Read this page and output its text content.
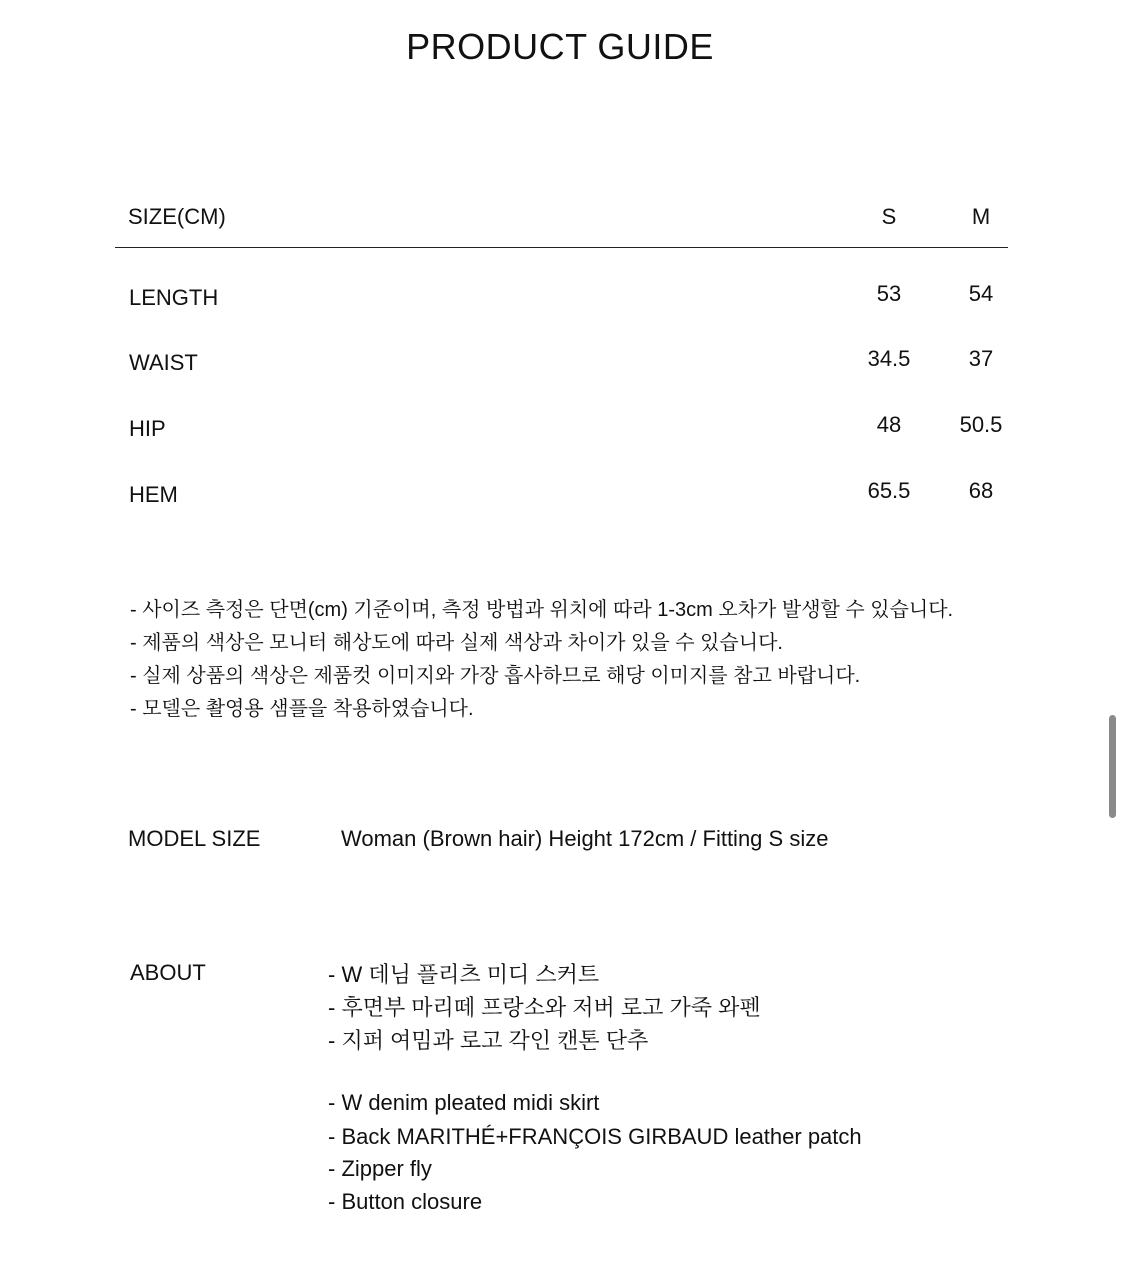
PRODUCT GUIDE
SIZE(CM)	S	M
LENGTH	53	54
WAIST	34.5	37
HIP	48	50.5
HEM	65.5	68
- 사이즈 측정은 단면(cm) 기준이며, 측정 방법과 위치에 따라 1-3cm 오차가 발생할 수 있습니다.
- 제품의 색상은 모니터 해상도에 따라 실제 색상과 차이가 있을 수 있습니다.
- 실제 상품의 색상은 제품컷 이미지와 가장 흡사하므로 해당 이미지를 참고 바랍니다.
- 모델은 촬영용 샘플을 착용하였습니다.
MODEL SIZE	Woman (Brown hair) Height 172cm / Fitting S size
ABOUT	- W 데님 플리츠 미디 스커트
- 후면부 마리떼 프랑소와 저버 로고 가죽 와펜
- 지퍼 여밈과 로고 각인 캔톤 단추
- W denim pleated midi skirt
- Back MARITHÉ+FRANÇOIS GIRBAUD leather patch
- Zipper fly
- Button closure
